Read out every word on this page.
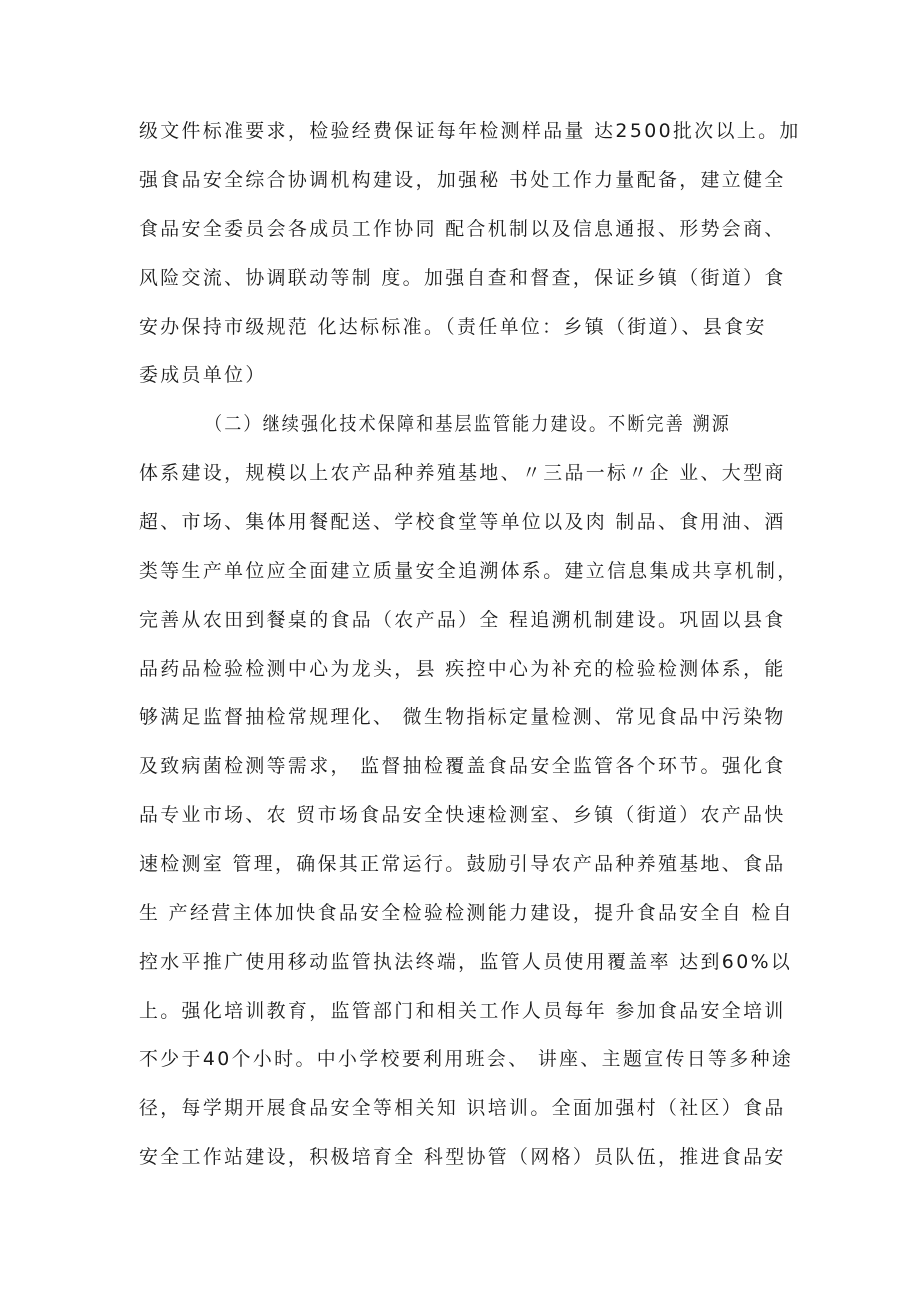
级文件标准要求，检验经费保证每年检测样品量 达2500批次以上。加
强食品安全综合协调机构建设，加强秘 书处工作力量配备，建立健全
食品安全委员会各成员工作协同 配合机制以及信息通报、形势会商、
风险交流、协调联动等制 度。加强自查和督查，保证乡镇（街道）食
安办保持市级规范 化达标标准。（责任单位：乡镇（街道）、县食安
委成员单位）
（二）继续强化技术保障和基层监管能力建设。不断完善 溯源
体系建设，规模以上农产品种养殖基地、〃三品一标〃企 业、大型商
超、市场、集体用餐配送、学校食堂等单位以及肉 制品、食用油、酒
类等生产单位应全面建立质量安全追溯体系。建立信息集成共享机制，
完善从农田到餐桌的食品（农产品）全 程追溯机制建设。巩固以县食
品药品检验检测中心为龙头，县 疾控中心为补充的检验检测体系，能
够满足监督抽检常规理化、 微生物指标定量检测、常见食品中污染物
及致病菌检测等需求， 监督抽检覆盖食品安全监管各个环节。强化食
品专业市场、农 贸市场食品安全快速检测室、乡镇（街道）农产品快
速检测室 管理，确保其正常运行。鼓励引导农产品种养殖基地、食品
生 产经营主体加快食品安全检验检测能力建设，提升食品安全自 检自
控水平推广使用移动监管执法终端，监管人员使用覆盖率 达到60%以
上。强化培训教育，监管部门和相关工作人员每年 参加食品安全培训
不少于40个小时。中小学校要利用班会、 讲座、主题宣传日等多种途
径，每学期开展食品安全等相关知 识培训。全面加强村（社区）食品
安全工作站建设，积极培育全 科型协管（网格）员队伍，推进食品安
